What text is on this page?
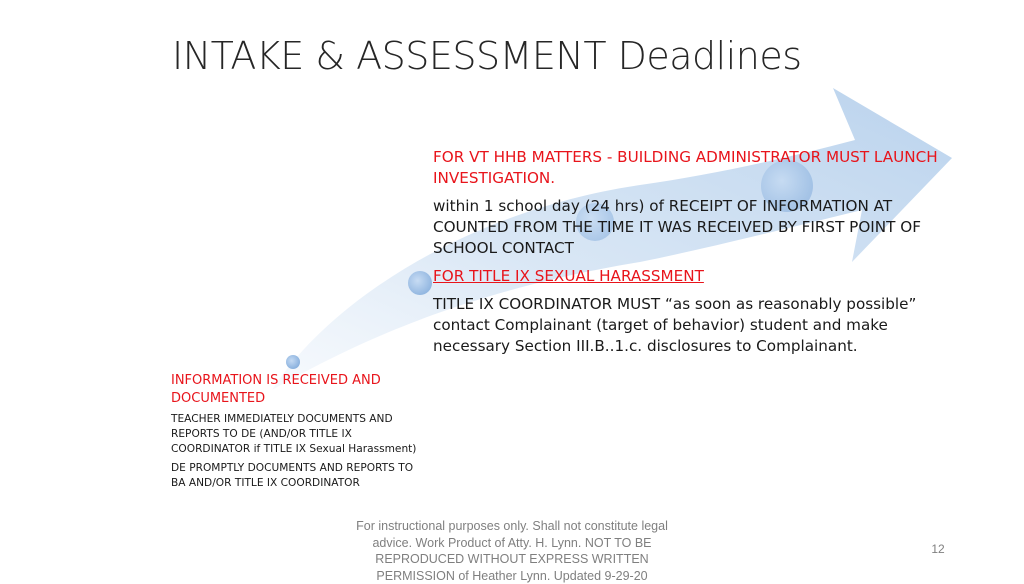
INTAKE & ASSESSMENT Deadlines

FOR VT HHB MATTERS - BUILDING ADMINISTRATOR MUST LAUNCH INVESTIGATION.

within 1 school day (24 hrs) of RECEIPT OF INFORMATION AT COUNTED FROM THE TIME IT WAS RECEIVED BY FIRST POINT OF SCHOOL CONTACT

FOR TITLE IX SEXUAL HARASSMENT

TITLE IX COORDINATOR MUST “as soon as reasonably possible” contact Complainant (target of behavior) student and make necessary Section III.B..1.c. disclosures to Complainant.

INFORMATION IS RECEIVED AND DOCUMENTED
TEACHER IMMEDIATELY DOCUMENTS AND REPORTS TO DE (AND/OR TITLE IX COORDINATOR if TITLE IX Sexual Harassment)
DE PROMPTLY DOCUMENTS AND REPORTS TO BA AND/OR TITLE IX COORDINATOR
For instructional purposes only. Shall not constitute legal advice. Work Product of Atty. H. Lynn. NOT TO BE REPRODUCED WITHOUT EXPRESS WRITTEN PERMISSION of Heather Lynn. Updated 9-29-20
12
